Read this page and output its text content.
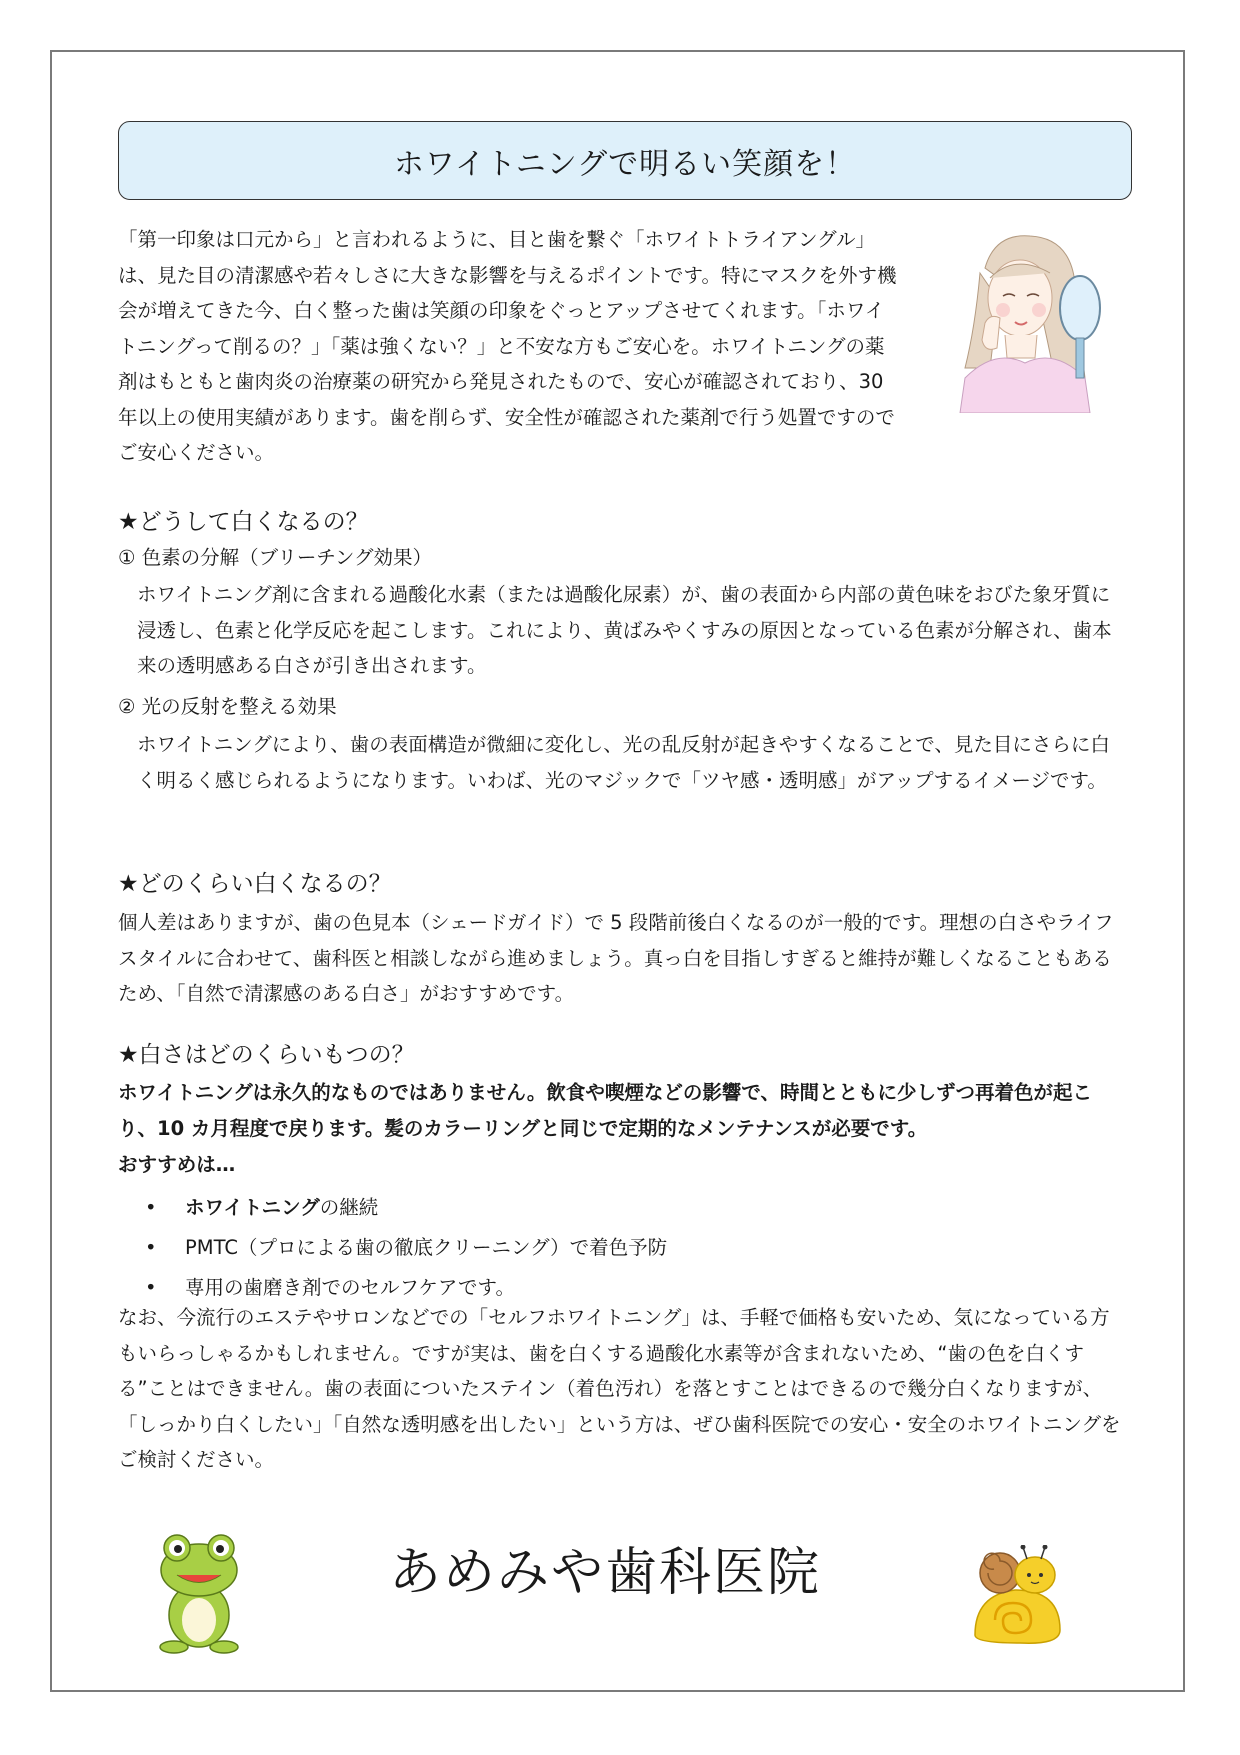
ホワイトニングで明るい笑顔を！

「第一印象は口元から」と言われるように、目と歯を繋ぐ「ホワイトトライアングル」は、見た目の清潔感や若々しさに大きな影響を与えるポイントです。特にマスクを外す機会が増えてきた今、白く整った歯は笑顔の印象をぐっとアップさせてくれます。「ホワイトニングって削るの？」「薬は強くない？」と不安な方もご安心を。ホワイトニングの薬剤はもともと歯肉炎の治療薬の研究から発見されたもので、安心が確認されており、30 年以上の使用実績があります。歯を削らず、安全性が確認された薬剤で行う処置ですのでご安心ください。

★どうして白くなるの？
① 色素の分解（ブリーチング効果）

ホワイトニング剤に含まれる過酸化水素（または過酸化尿素）が、歯の表面から内部の黄色味をおびた象牙質に浸透し、色素と化学反応を起こします。これにより、黄ばみやくすみの原因となっている色素が分解され、歯本来の透明感ある白さが引き出されます。

② 光の反射を整える効果

ホワイトニングにより、歯の表面構造が微細に変化し、光の乱反射が起きやすくなることで、見た目にさらに白く明るく感じられるようになります。いわば、光のマジックで「ツヤ感・透明感」がアップするイメージです。

★どのくらい白くなるの？

個人差はありますが、歯の色見本（シェードガイド）で 5 段階前後白くなるのが一般的です。理想の白さやライフスタイルに合わせて、歯科医と相談しながら進めましょう。真っ白を目指しすぎると維持が難しくなることもあるため、「自然で清潔感のある白さ」がおすすめです。

★白さはどのくらいもつの？

ホワイトニングは永久的なものではありません。飲食や喫煙などの影響で、時間とともに少しずつ再着色が起こり、10 カ月程度で戻ります。髪のカラーリングと同じで定期的なメンテナンスが必要です。

おすすめは…
• ホワイトニングの継続
• PMTC（プロによる歯の徹底クリーニング）で着色予防
• 専用の歯磨き剤でのセルフケアです。

なお、今流行のエステやサロンなどでの「セルフホワイトニング」は、手軽で価格も安いため、気になっている方もいらっしゃるかもしれません。ですが実は、歯を白くする過酸化水素等が含まれないため、“歯の色を白くする”ことはできません。歯の表面についたステイン（着色汚れ）を落とすことはできるので幾分白くなりますが、「しっかり白くしたい」「自然な透明感を出したい」という方は、ぜひ歯科医院での安心・安全のホワイトニングをご検討ください。

あめみや歯科医院
